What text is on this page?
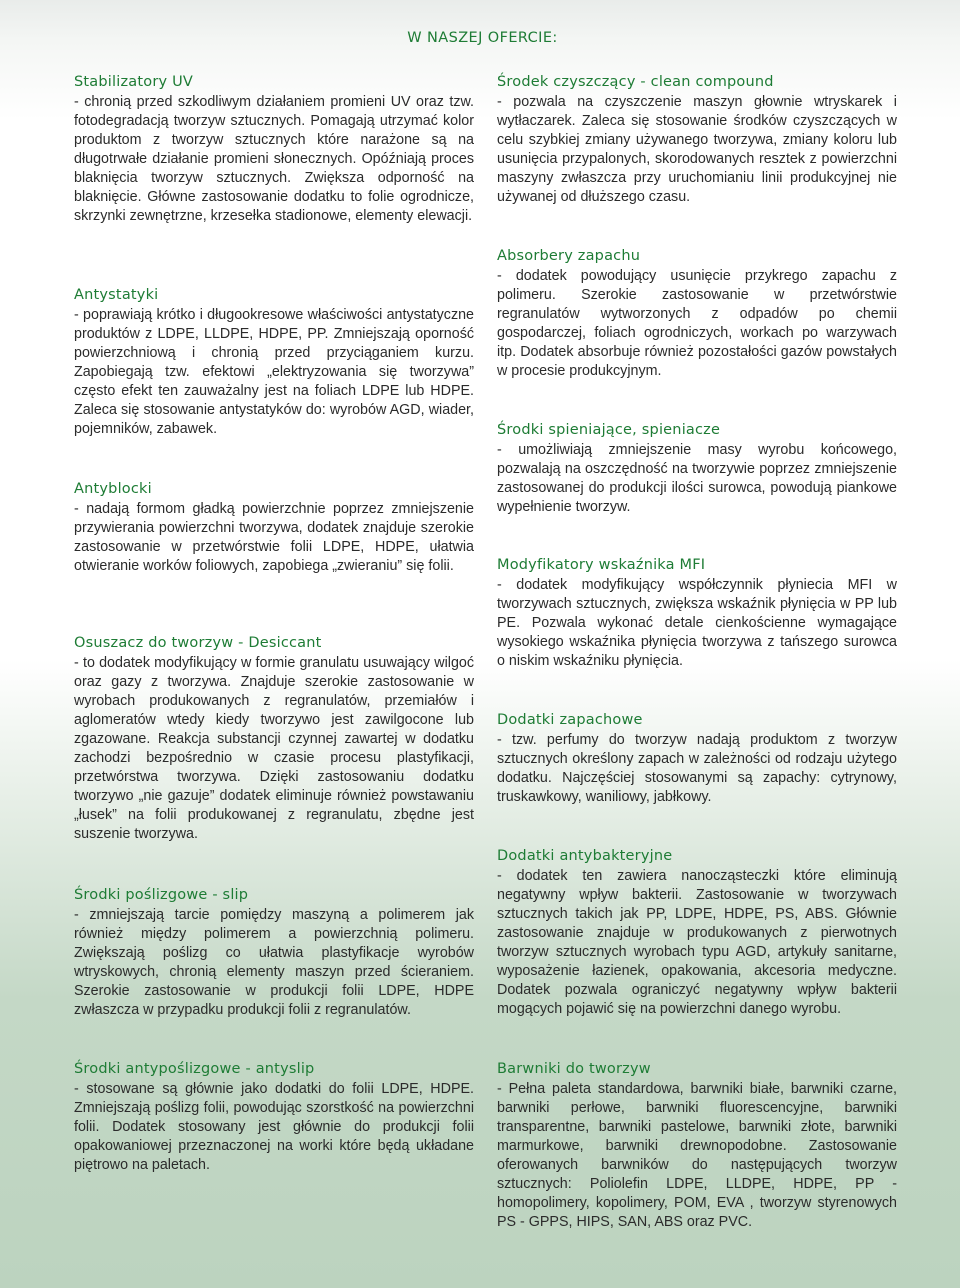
W NASZEJ OFERCIE:
Stabilizatory UV

- chronią przed szkodliwym działaniem promieni UV oraz tzw. fotodegradacją tworzyw sztucznych. Pomagają utrzymać kolor produktom z tworzyw sztucznych które narażone są na długotrwałe działanie promieni słonecznych. Opóźniają proces blaknięcia tworzyw sztucznych. Zwiększa odporność na blaknięcie. Główne zastosowanie dodatku to folie ogrodnicze, skrzynki zewnętrzne, krzesełka stadionowe, elementy elewacji.

Antystatyki

- poprawiają krótko i długookresowe właściwości antystatyczne produktów z LDPE, LLDPE, HDPE, PP. Zmniejszają oporność powierzchniową i chronią przed przyciąganiem kurzu. Zapobiegają tzw. efektowi „elektryzowania się tworzywa” często efekt ten zauważalny jest na foliach LDPE lub HDPE. Zaleca się stosowanie antystatyków do: wyrobów AGD, wiader, pojemników, zabawek.

Antyblocki

- nadają formom gładką powierzchnie poprzez zmniejszenie przywierania powierzchni tworzywa, dodatek znajduje szerokie zastosowanie w przetwórstwie folii LDPE, HDPE, ułatwia otwieranie worków foliowych, zapobiega „zwieraniu” się folii.

Osuszacz do tworzyw - Desiccant

- to dodatek modyfikujący w formie granulatu usuwający wilgoć oraz gazy z tworzywa. Znajduje szerokie zastosowanie w wyrobach produkowanych z regranulatów, przemiałów i aglomeratów wtedy kiedy tworzywo jest zawilgocone lub zgazowane. Reakcja substancji czynnej zawartej w dodatku zachodzi bezpośrednio w czasie procesu plastyfikacji, przetwórstwa tworzywa. Dzięki zastosowaniu dodatku tworzywo „nie gazuje” dodatek eliminuje również powstawaniu „łusek” na folii produkowanej z regranulatu, zbędne jest suszenie tworzywa.

Środki poślizgowe - slip

- zmniejszają tarcie pomiędzy maszyną a polimerem jak również między polimerem a powierzchnią polimeru. Zwiększają poślizg co ułatwia plastyfikacje wyrobów wtryskowych, chronią elementy maszyn przed ścieraniem. Szerokie zastosowanie w produkcji folii LDPE, HDPE zwłaszcza w przypadku produkcji folii z regranulatów.

Środki antypoślizgowe - antyslip

- stosowane są głównie jako dodatki do folii LDPE, HDPE. Zmniejszają poślizg folii, powodując szorstkość na powierzchni folii. Dodatek stosowany jest głównie do produkcji folii opakowaniowej przeznaczonej na worki które będą układane piętrowo na paletach.

Środek czyszczący - clean compound

- pozwala na czyszczenie maszyn głownie wtryskarek i wytłaczarek. Zaleca się stosowanie środków czyszczących w celu szybkiej zmiany używanego tworzywa, zmiany koloru lub usunięcia przypalonych, skorodowanych resztek z powierzchni maszyny zwłaszcza przy uruchomianiu linii produkcyjnej nie używanej od dłuższego czasu.

Absorbery zapachu

- dodatek powodujący usunięcie przykrego zapachu z polimeru. Szerokie zastosowanie w przetwórstwie regranulatów wytworzonych z odpadów po chemii gospodarczej, foliach ogrodniczych, workach po warzywach itp. Dodatek absorbuje również pozostałości gazów powstałych w procesie produkcyjnym.

Środki spieniające, spieniacze

- umożliwiają zmniejszenie masy wyrobu końcowego, pozwalają na oszczędność na tworzywie poprzez zmniejszenie zastosowanej do produkcji ilości surowca, powodują piankowe wypełnienie tworzyw.

Modyfikatory wskaźnika MFI

- dodatek modyfikujący współczynnik płyniecia MFI w tworzywach sztucznych, zwiększa wskaźnik płynięcia w PP lub PE. Pozwala wykonać detale cienkościenne wymagające wysokiego wskaźnika płynięcia tworzywa z tańszego surowca o niskim wskaźniku płynięcia.

Dodatki zapachowe

- tzw. perfumy do tworzyw nadają produktom z tworzyw sztucznych określony zapach w zależności od rodzaju użytego dodatku. Najczęściej stosowanymi są zapachy: cytrynowy, truskawkowy, waniliowy, jabłkowy.

Dodatki antybakteryjne

- dodatek ten zawiera nanocząsteczki które eliminują negatywny wpływ bakterii. Zastosowanie w tworzywach sztucznych takich jak PP, LDPE, HDPE, PS, ABS. Głównie zastosowanie znajduje w produkowanych z pierwotnych tworzyw sztucznych wyrobach typu AGD, artykuły sanitarne, wyposażenie łazienek, opakowania, akcesoria medyczne. Dodatek pozwala ograniczyć negatywny wpływ bakterii mogących pojawić się na powierzchni danego wyrobu.

Barwniki do tworzyw

- Pełna paleta standardowa, barwniki białe, barwniki czarne, barwniki perłowe, barwniki fluorescencyjne, barwniki transparentne, barwniki pastelowe, barwniki złote, barwniki marmurkowe, barwniki drewnopodobne. Zastosowanie oferowanych barwników do następujących tworzyw sztucznych: Poliolefin LDPE, LLDPE, HDPE, PP - homopolimery, kopolimery, POM, EVA , tworzyw styrenowych PS - GPPS, HIPS, SAN, ABS oraz PVC.
